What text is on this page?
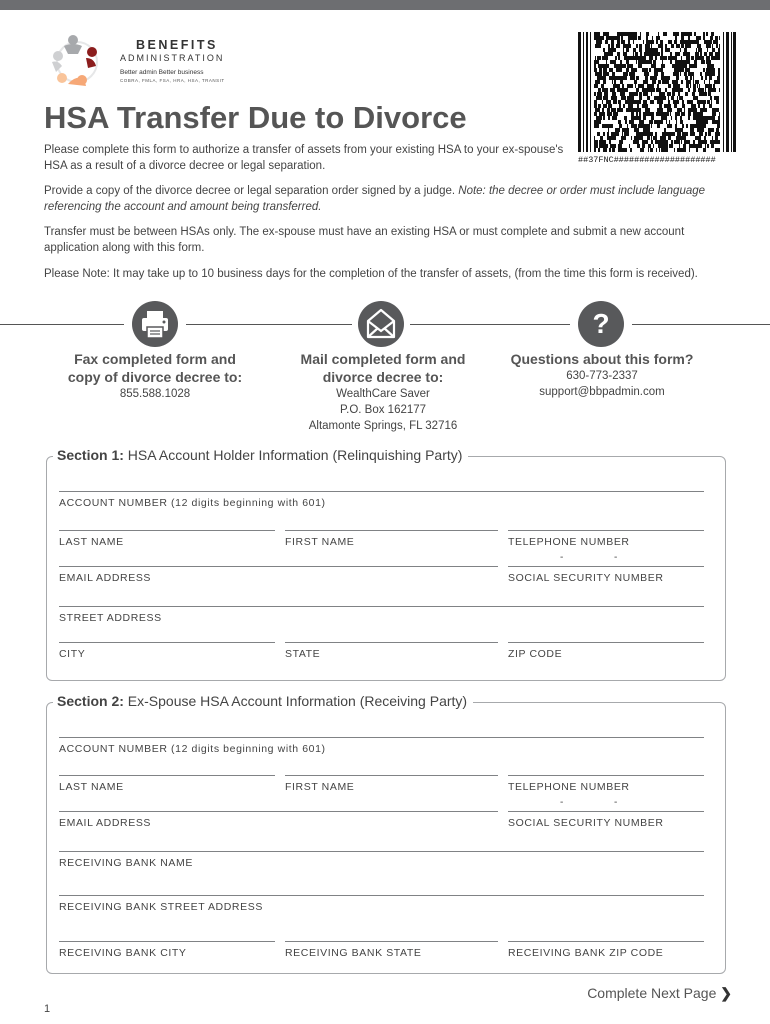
BENEFITS
ADMINISTRATION
Better admin Better business
COBRA, FMLA, FSA, HRA, HSA, TRANSIT
##37FNC####################
HSA Transfer Due to Divorce

Please complete this form to authorize a transfer of assets from your existing HSA to your ex-spouse's HSA as a result of a divorce decree or legal separation.

Provide a copy of the divorce decree or legal separation order signed by a judge. Note: the decree or order must include language referencing the account and amount being transferred.

Transfer must be between HSAs only. The ex-spouse must have an existing HSA or must complete and submit a new account application along with this form.

Please Note: It may take up to 10 business days for the completion of the transfer of assets, (from the time this form is received).

?
Fax completed form and
copy of divorce decree to:
855.588.1028
Mail completed form and
divorce decree to:
WealthCare Saver
P.O. Box 162177
Altamonte Springs, FL 32716
Questions about this form?
630-773-2337
support@bbpadmin.com
Section 1: HSA Account Holder Information (Relinquishing Party)
ACCOUNT NUMBER (12 digits beginning with 601)
LAST NAME	FIRST NAME	TELEPHONE NUMBER
EMAIL ADDRESS	SOCIAL SECURITY NUMBER
-	-
STREET ADDRESS
CITY	STATE	ZIP CODE
Section 2: Ex-Spouse HSA Account Information (Receiving Party)
ACCOUNT NUMBER (12 digits beginning with 601)
LAST NAME	FIRST NAME	TELEPHONE NUMBER
EMAIL ADDRESS	SOCIAL SECURITY NUMBER
-	-
RECEIVING BANK NAME
RECEIVING BANK STREET ADDRESS
RECEIVING BANK CITY	RECEIVING BANK STATE	RECEIVING BANK ZIP CODE
Complete Next Page ❯
1
